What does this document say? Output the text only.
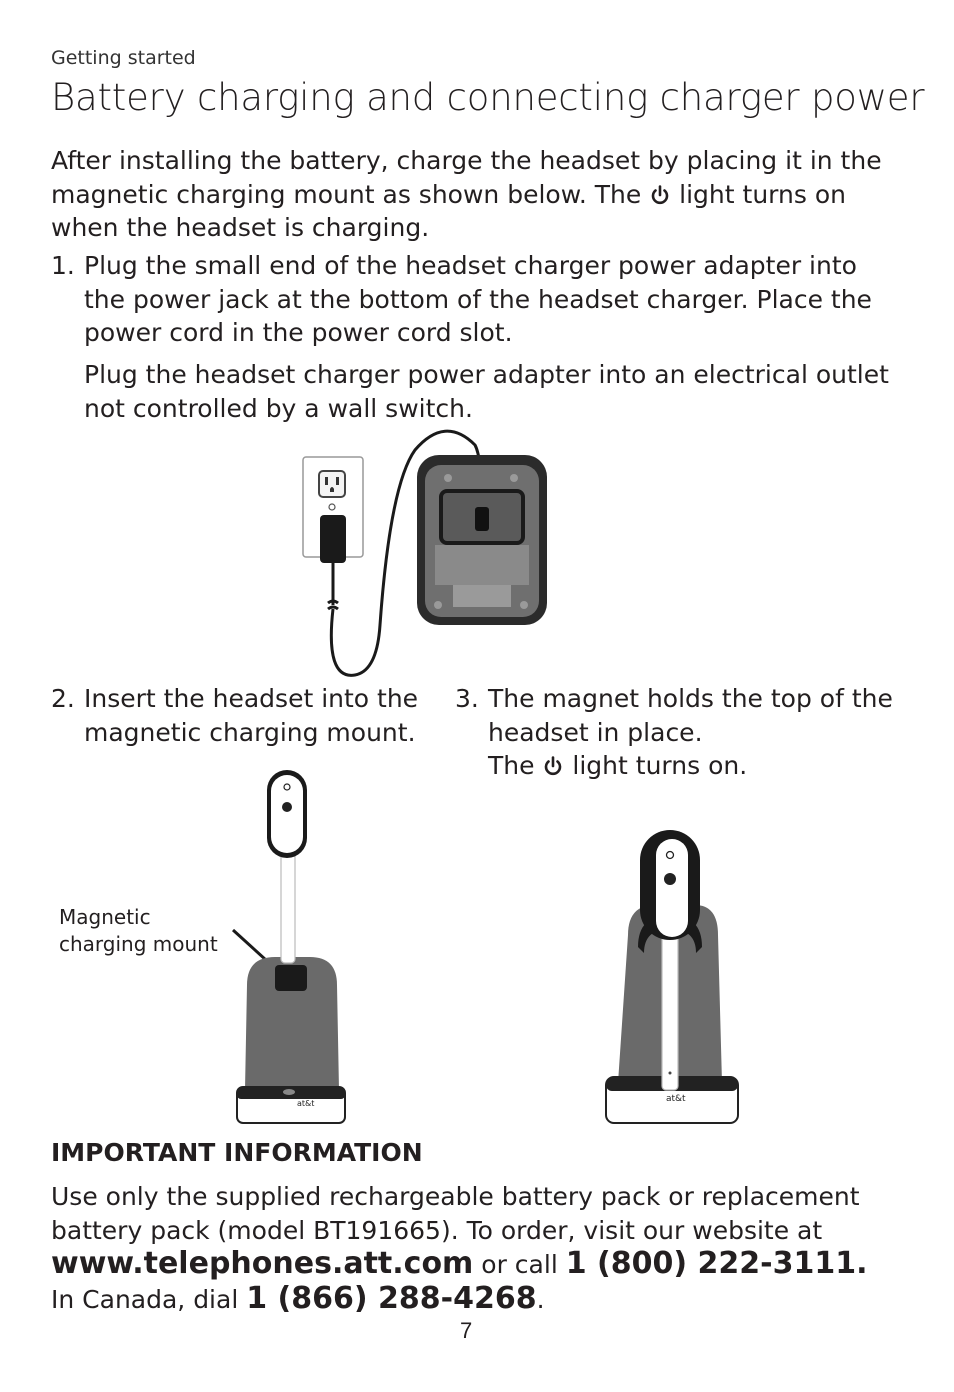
Getting started
Battery charging and connecting charger power
After installing the battery, charge the headset by placing it in the magnetic charging mount as shown below. The light turns on when the headset is charging.
1. Plug the small end of the headset charger power adapter into the power jack at the bottom of the headset charger. Place the power cord in the power cord slot.
Plug the headset charger power adapter into an electrical outlet not controlled by a wall switch.
2. Insert the headset into the magnetic charging mount.
3. The magnet holds the top of the headset in place.
The light turns on.
Magnetic charging mount
at&t	at&t
IMPORTANT INFORMATION
Use only the supplied rechargeable battery pack or replacement battery pack (model BT191665). To order, visit our website at
www.telephones.att.com or call 1 (800) 222-3111.
In Canada, dial 1 (866) 288-4268.
7
